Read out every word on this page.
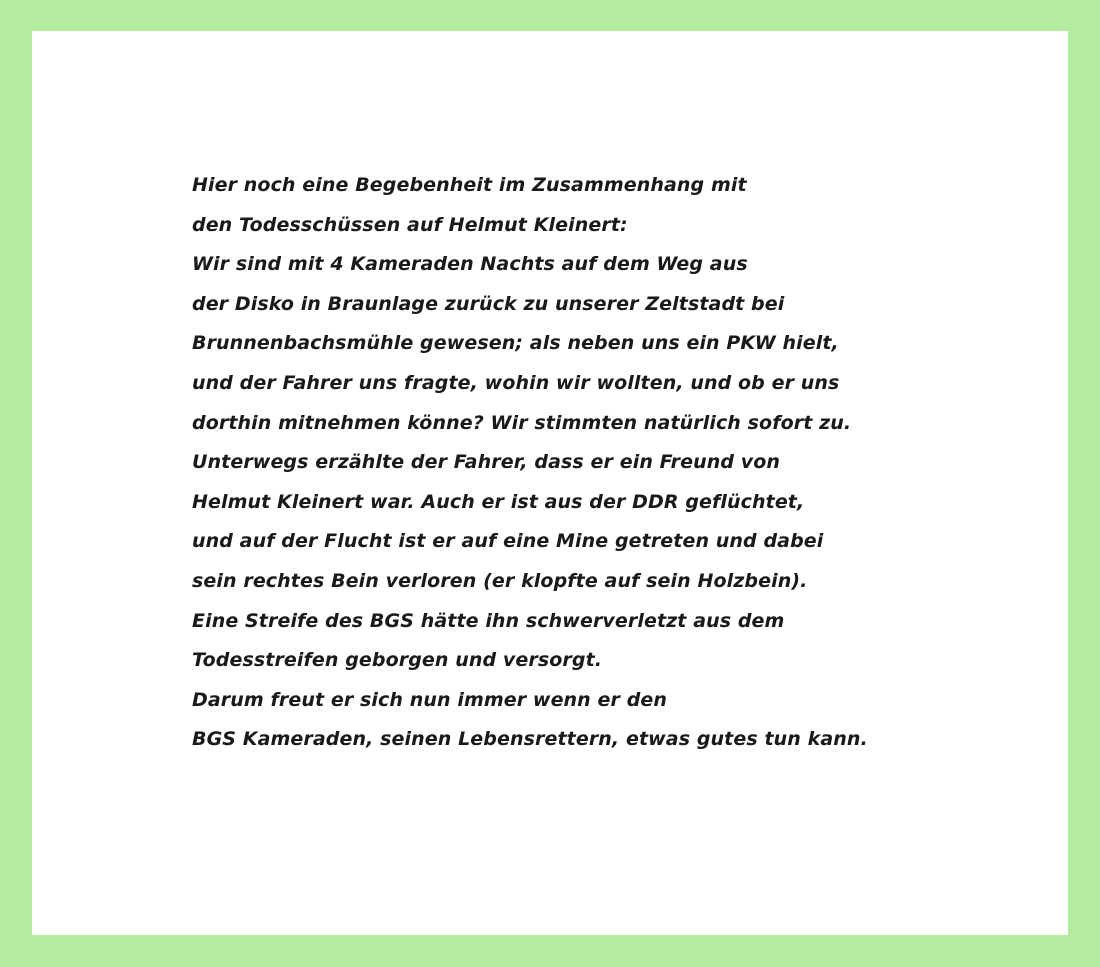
Hier noch eine Begebenheit im Zusammenhang mit
den Todesschüssen auf Helmut Kleinert:
Wir sind mit 4 Kameraden Nachts auf dem Weg aus
der Disko in Braunlage zurück zu unserer Zeltstadt bei
Brunnenbachsmühle gewesen; als neben uns ein PKW hielt,
und der Fahrer uns fragte, wohin wir wollten, und ob er uns
dorthin mitnehmen könne? Wir stimmten natürlich sofort zu.
Unterwegs erzählte der Fahrer, dass er ein Freund von
Helmut Kleinert war. Auch er ist aus der DDR geflüchtet,
und auf der Flucht ist er auf eine Mine getreten und dabei
sein rechtes Bein verloren (er klopfte auf sein Holzbein).
Eine Streife des BGS hätte ihn schwerverletzt aus dem
Todesstreifen geborgen und versorgt.
Darum freut er sich nun immer wenn er den
BGS Kameraden, seinen Lebensrettern, etwas gutes tun kann.
